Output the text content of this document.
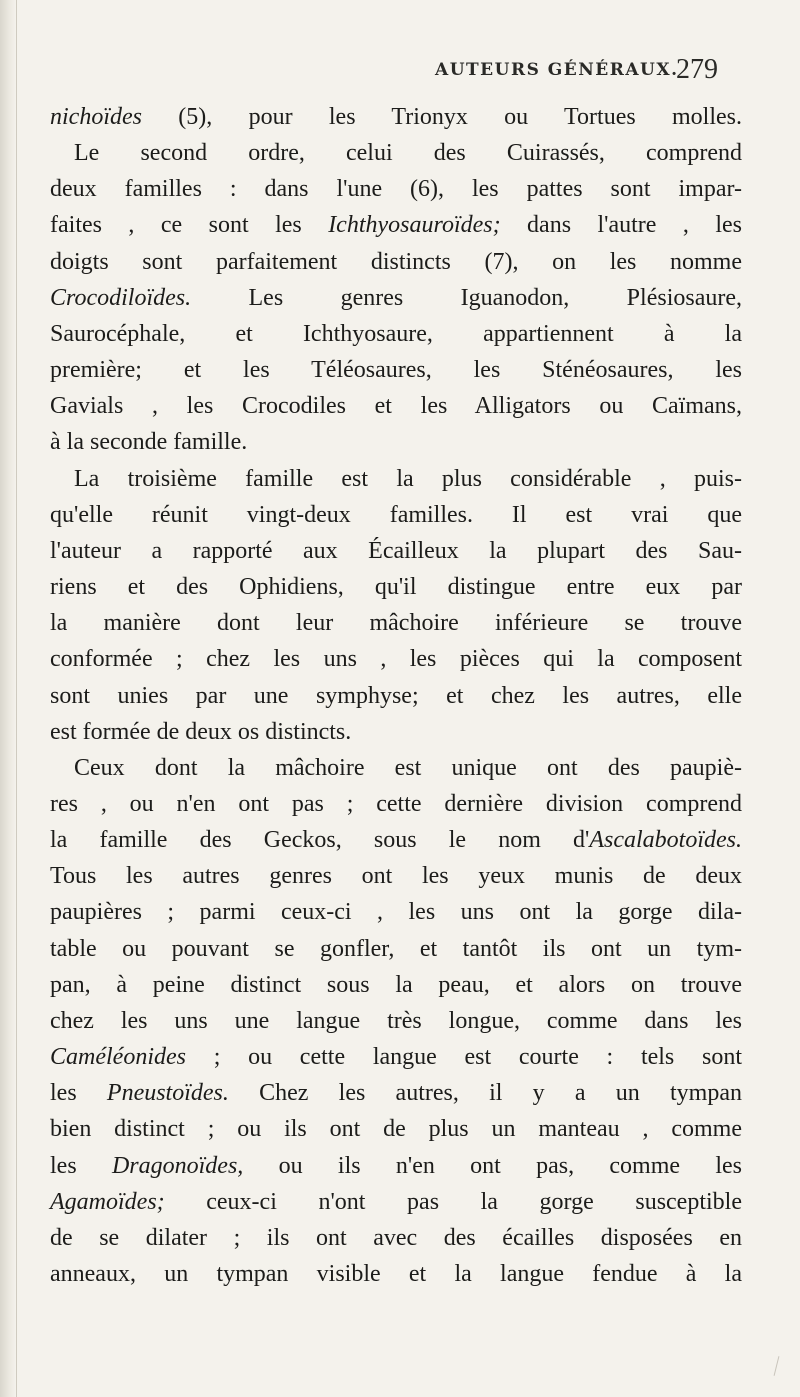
AUTEURS GÉNÉRAUX.
279
nichoïdes (5), pour les Trionyx ou Tortues molles.
Le second ordre, celui des Cuirassés, comprend
deux familles : dans l'une (6), les pattes sont impar-
faites , ce sont les Ichthyosauroïdes; dans l'autre , les
doigts sont parfaitement distincts (7), on les nomme
Crocodiloïdes. Les genres Iguanodon, Plésiosaure,
Saurocéphale, et Ichthyosaure, appartiennent à la
première; et les Téléosaures, les Sténéosaures, les
Gavials , les Crocodiles et les Alligators ou Caïmans,
à la seconde famille.
La troisième famille est la plus considérable , puis-
qu'elle réunit vingt-deux familles. Il est vrai que
l'auteur a rapporté aux Écailleux la plupart des Sau-
riens et des Ophidiens, qu'il distingue entre eux par
la manière dont leur mâchoire inférieure se trouve
conformée ; chez les uns , les pièces qui la composent
sont unies par une symphyse; et chez les autres, elle
est formée de deux os distincts.
Ceux dont la mâchoire est unique ont des paupiè-
res , ou n'en ont pas ; cette dernière division comprend
la famille des Geckos, sous le nom d'Ascalabotoïdes.
Tous les autres genres ont les yeux munis de deux
paupières ; parmi ceux-ci , les uns ont la gorge dila-
table ou pouvant se gonfler, et tantôt ils ont un tym-
pan, à peine distinct sous la peau, et alors on trouve
chez les uns une langue très longue, comme dans les
Caméléonides ; ou cette langue est courte : tels sont
les Pneustoïdes. Chez les autres, il y a un tympan
bien distinct ; ou ils ont de plus un manteau , comme
les Dragonoïdes, ou ils n'en ont pas, comme les
Agamoïdes; ceux-ci n'ont pas la gorge susceptible
de se dilater ; ils ont avec des écailles disposées en
anneaux, un tympan visible et la langue fendue à la
